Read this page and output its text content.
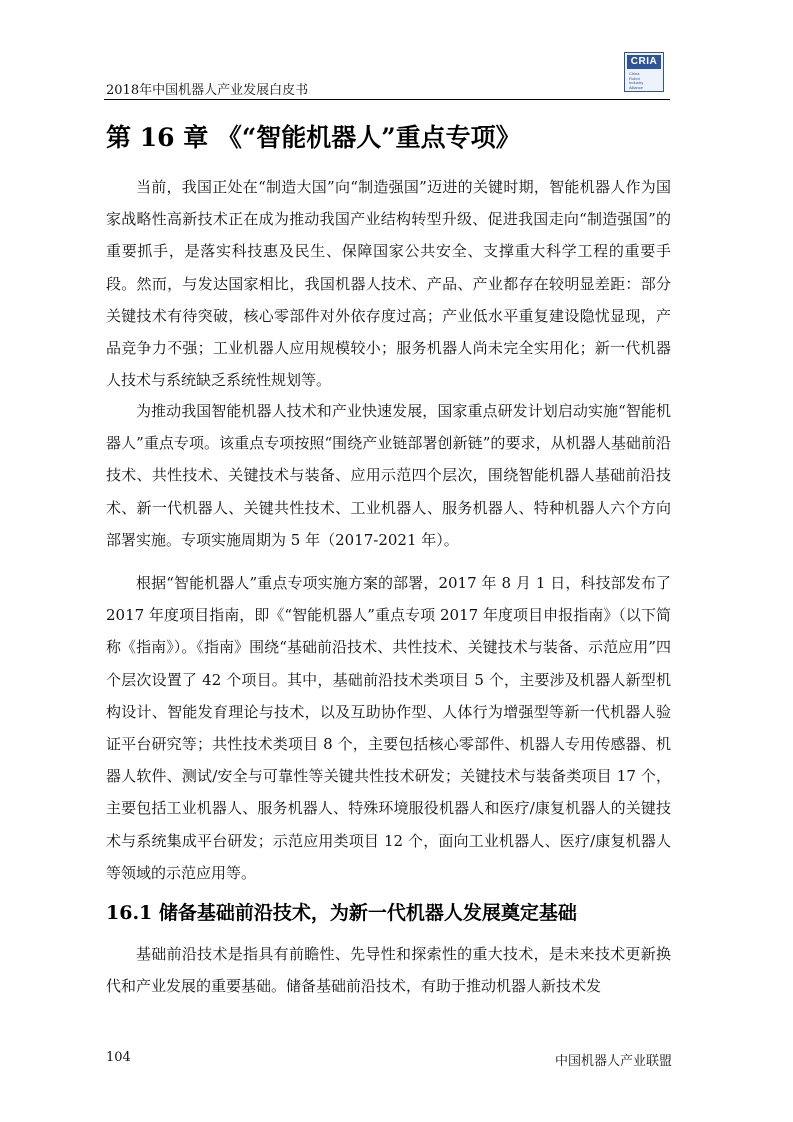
2018年中国机器人产业发展白皮书
CRIA
China
Robot
Industry
Alliance
第 16 章 《“智能机器人”重点专项》

当前，我国正处在“制造大国”向“制造强国”迈进的关键时期，智能机器人作为国家战略性高新技术正在成为推动我国产业结构转型升级、促进我国走向“制造强国”的重要抓手，是落实科技惠及民生、保障国家公共安全、支撑重大科学工程的重要手段。然而，与发达国家相比，我国机器人技术、产品、产业都存在较明显差距：部分关键技术有待突破，核心零部件对外依存度过高；产业低水平重复建设隐忧显现，产品竞争力不强；工业机器人应用规模较小；服务机器人尚未完全实用化；新一代机器人技术与系统缺乏系统性规划等。

为推动我国智能机器人技术和产业快速发展，国家重点研发计划启动实施“智能机器人”重点专项。该重点专项按照“围绕产业链部署创新链”的要求，从机器人基础前沿技术、共性技术、关键技术与装备、应用示范四个层次，围绕智能机器人基础前沿技术、新一代机器人、关键共性技术、工业机器人、服务机器人、特种机器人六个方向部署实施。专项实施周期为 5 年（2017-2021 年）。

根据“智能机器人”重点专项实施方案的部署，2017 年 8 月 1 日，科技部发布了 2017 年度项目指南，即《“智能机器人”重点专项 2017 年度项目申报指南》（以下简称《指南》）。《指南》围绕“基础前沿技术、共性技术、关键技术与装备、示范应用”四个层次设置了 42 个项目。其中，基础前沿技术类项目 5 个，主要涉及机器人新型机构设计、智能发育理论与技术，以及互助协作型、人体行为增强型等新一代机器人验证平台研究等；共性技术类项目 8 个，主要包括核心零部件、机器人专用传感器、机器人软件、测试/安全与可靠性等关键共性技术研发；关键技术与装备类项目 17 个，主要包括工业机器人、服务机器人、特殊环境服役机器人和医疗/康复机器人的关键技术与系统集成平台研发；示范应用类项目 12 个，面向工业机器人、医疗/康复机器人等领域的示范应用等。

16.1 储备基础前沿技术，为新一代机器人发展奠定基础

基础前沿技术是指具有前瞻性、先导性和探索性的重大技术，是未来技术更新换代和产业发展的重要基础。储备基础前沿技术，有助于推动机器人新技术发

104	中国机器人产业联盟
